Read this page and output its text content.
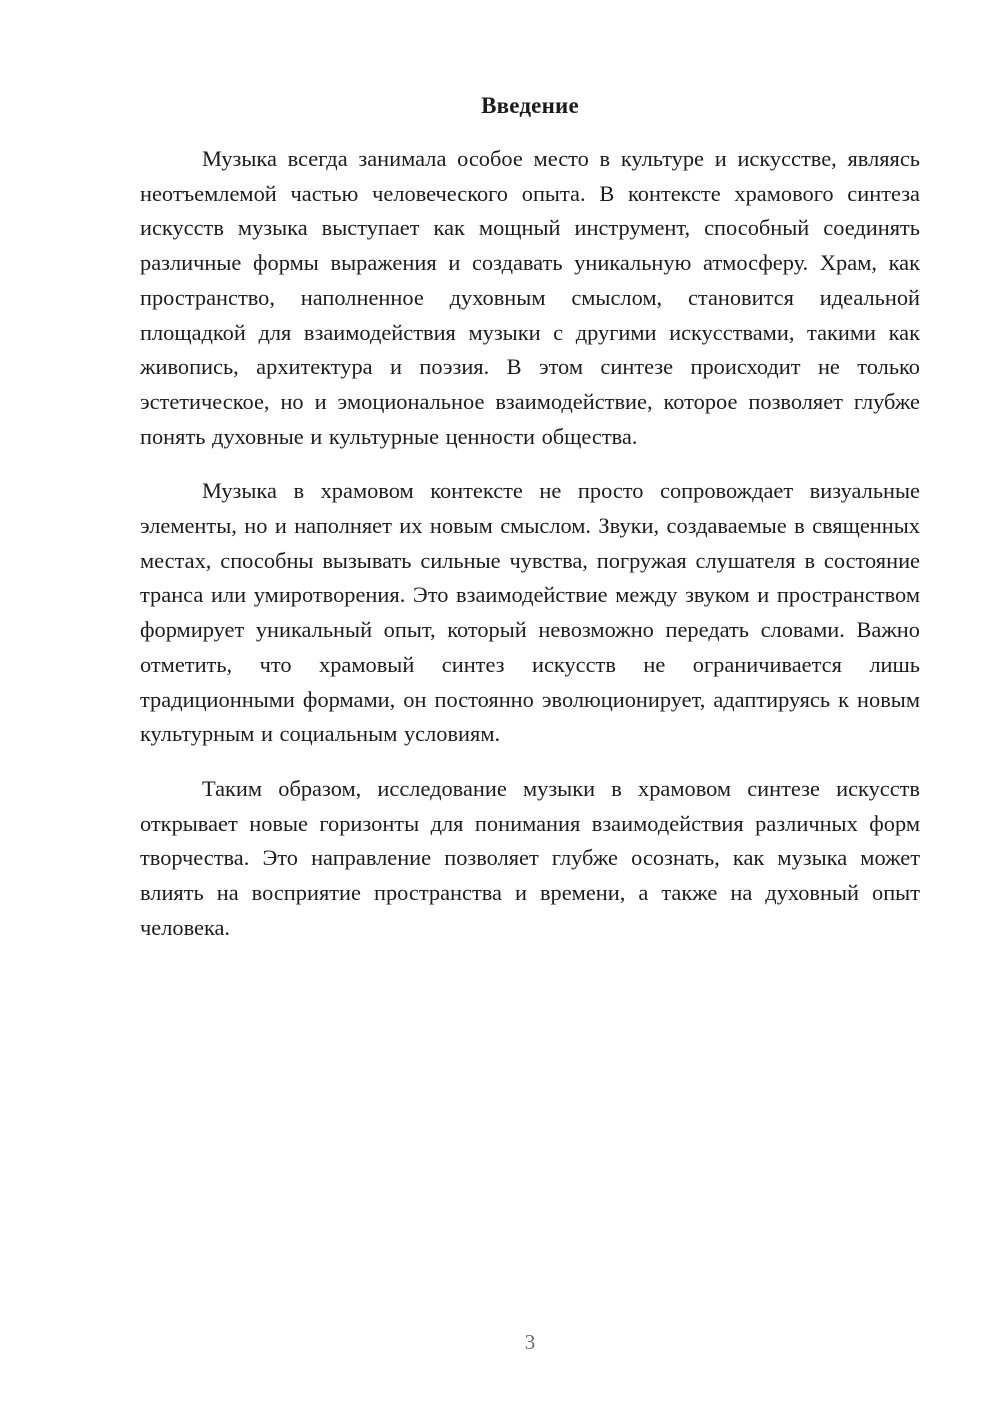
Введение

Музыка всегда занимала особое место в культуре и искусстве, являясь неотъемлемой частью человеческого опыта. В контексте храмового синтеза искусств музыка выступает как мощный инструмент, способный соединять различные формы выражения и создавать уникальную атмосферу. Храм, как пространство, наполненное духовным смыслом, становится идеальной площадкой для взаимодействия музыки с другими искусствами, такими как живопись, архитектура и поэзия. В этом синтезе происходит не только эстетическое, но и эмоциональное взаимодействие, которое позволяет глубже понять духовные и культурные ценности общества.

Музыка в храмовом контексте не просто сопровождает визуальные элементы, но и наполняет их новым смыслом. Звуки, создаваемые в священных местах, способны вызывать сильные чувства, погружая слушателя в состояние транса или умиротворения. Это взаимодействие между звуком и пространством формирует уникальный опыт, который невозможно передать словами. Важно отметить, что храмовый синтез искусств не ограничивается лишь традиционными формами, он постоянно эволюционирует, адаптируясь к новым культурным и социальным условиям.

Таким образом, исследование музыки в храмовом синтезе искусств открывает новые горизонты для понимания взаимодействия различных форм творчества. Это направление позволяет глубже осознать, как музыка может влиять на восприятие пространства и времени, а также на духовный опыт человека.

3
